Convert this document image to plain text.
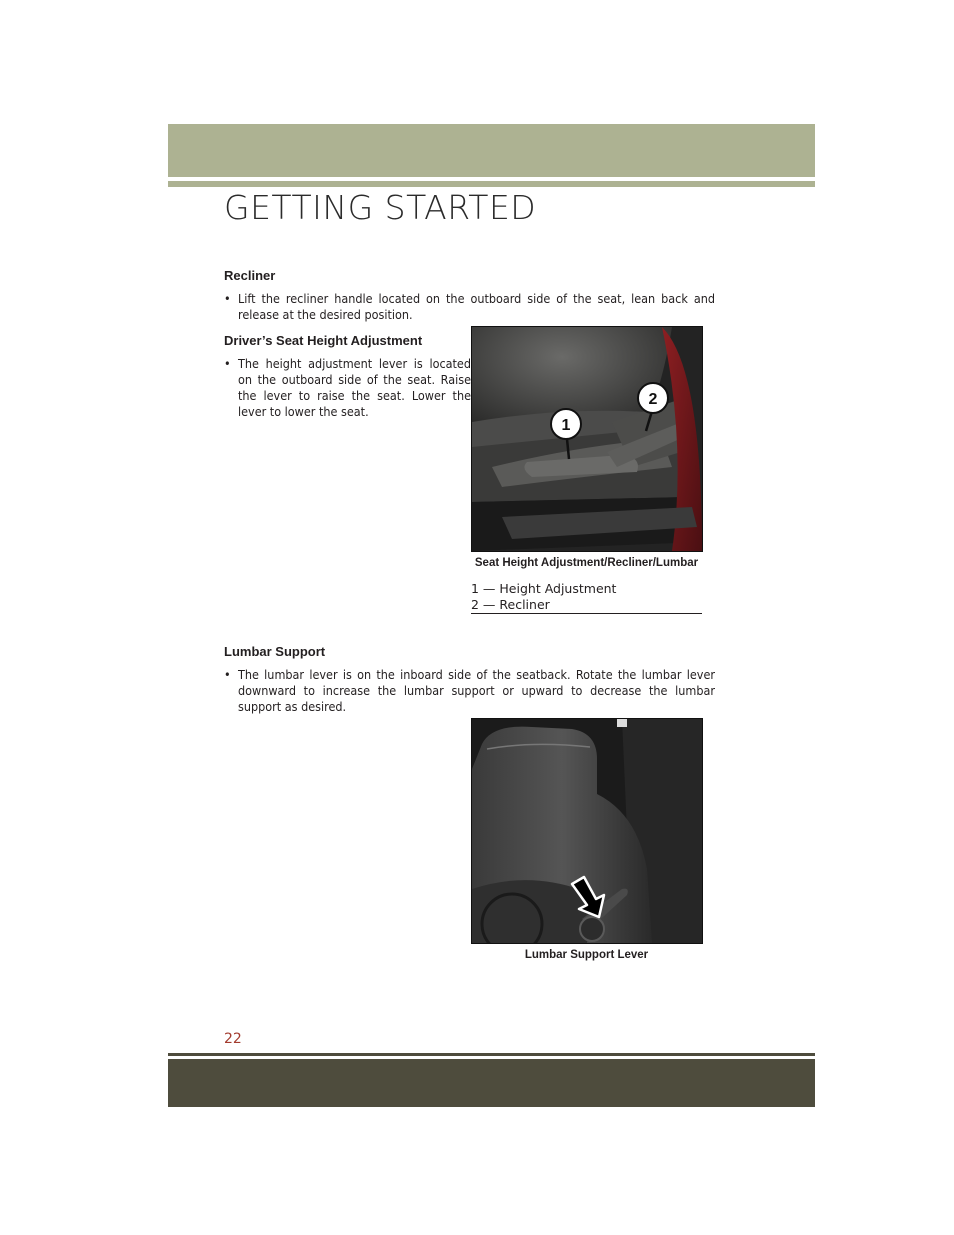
GETTING STARTED
Recliner

• Lift the recliner handle located on the outboard side of the seat, lean back and release at the desired position.

Driver’s Seat Height Adjustment

• The height adjustment lever is located on the outboard side of the seat. Raise the lever to raise the seat. Lower the lever to lower the seat.

1
2

Seat Height Adjustment/Recliner/Lumbar

1 — Height Adjustment
2 — Recliner
Lumbar Support

• The lumbar lever is on the inboard side of the seatback. Rotate the lumbar lever downward to increase the lumbar support or upward to decrease the lumbar support as desired.

Lumbar Support Lever

22
